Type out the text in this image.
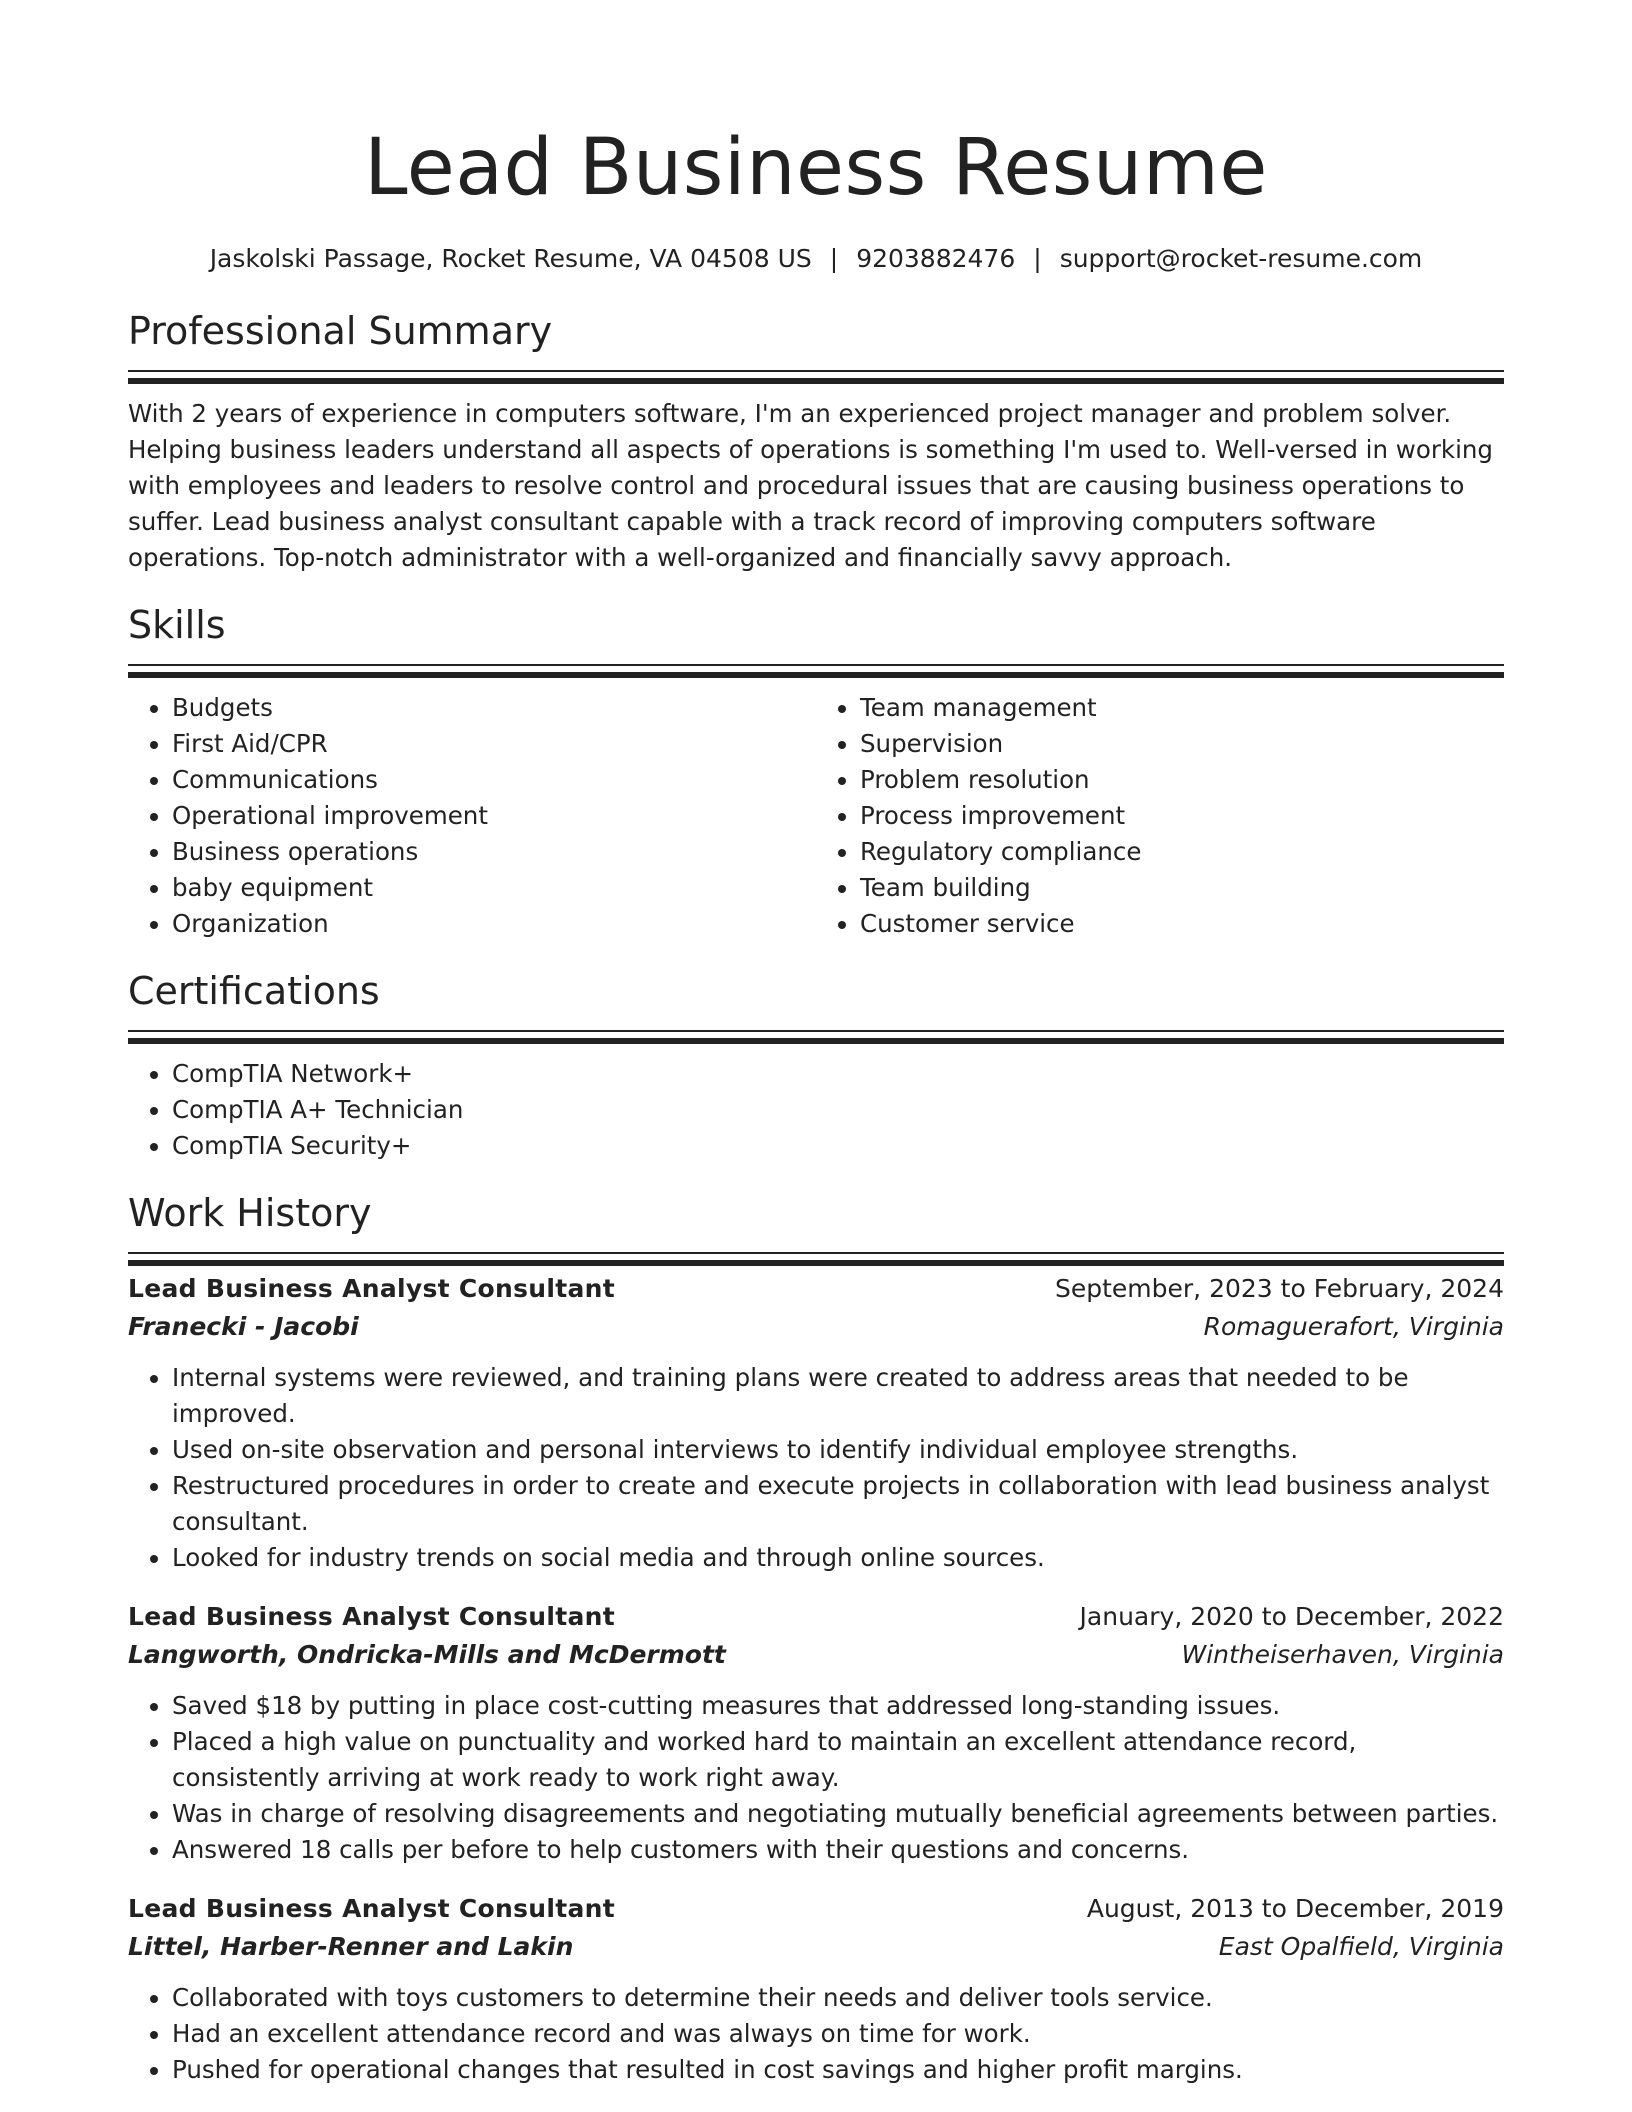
Lead Business Resume
Jaskolski Passage, Rocket Resume, VA 04508 US | 9203882476 | support@rocket-resume.com
Professional Summary
With 2 years of experience in computers software, I'm an experienced project manager and problem solver. Helping business leaders understand all aspects of operations is something I'm used to. Well-versed in working with employees and leaders to resolve control and procedural issues that are causing business operations to suffer. Lead business analyst consultant capable with a track record of improving computers software operations. Top-notch administrator with a well-organized and financially savvy approach.
Skills
• Budgets
• First Aid/CPR
• Communications
• Operational improvement
• Business operations
• baby equipment
• Organization
• Team management
• Supervision
• Problem resolution
• Process improvement
• Regulatory compliance
• Team building
• Customer service
Certifications
• CompTIA Network+
• CompTIA A+ Technician
• CompTIA Security+
Work History
Lead Business Analyst Consultant	September, 2023 to February, 2024
Franecki - Jacobi	Romaguerafort, Virginia
• Internal systems were reviewed, and training plans were created to address areas that needed to be improved.
• Used on-site observation and personal interviews to identify individual employee strengths.
• Restructured procedures in order to create and execute projects in collaboration with lead business analyst consultant.
• Looked for industry trends on social media and through online sources.
Lead Business Analyst Consultant	January, 2020 to December, 2022
Langworth, Ondricka-Mills and McDermott	Wintheiserhaven, Virginia
• Saved $18 by putting in place cost-cutting measures that addressed long-standing issues.
• Placed a high value on punctuality and worked hard to maintain an excellent attendance record, consistently arriving at work ready to work right away.
• Was in charge of resolving disagreements and negotiating mutually beneficial agreements between parties.
• Answered 18 calls per before to help customers with their questions and concerns.
Lead Business Analyst Consultant	August, 2013 to December, 2019
Littel, Harber-Renner and Lakin	East Opalfield, Virginia
• Collaborated with toys customers to determine their needs and deliver tools service.
• Had an excellent attendance record and was always on time for work.
• Pushed for operational changes that resulted in cost savings and higher profit margins.
